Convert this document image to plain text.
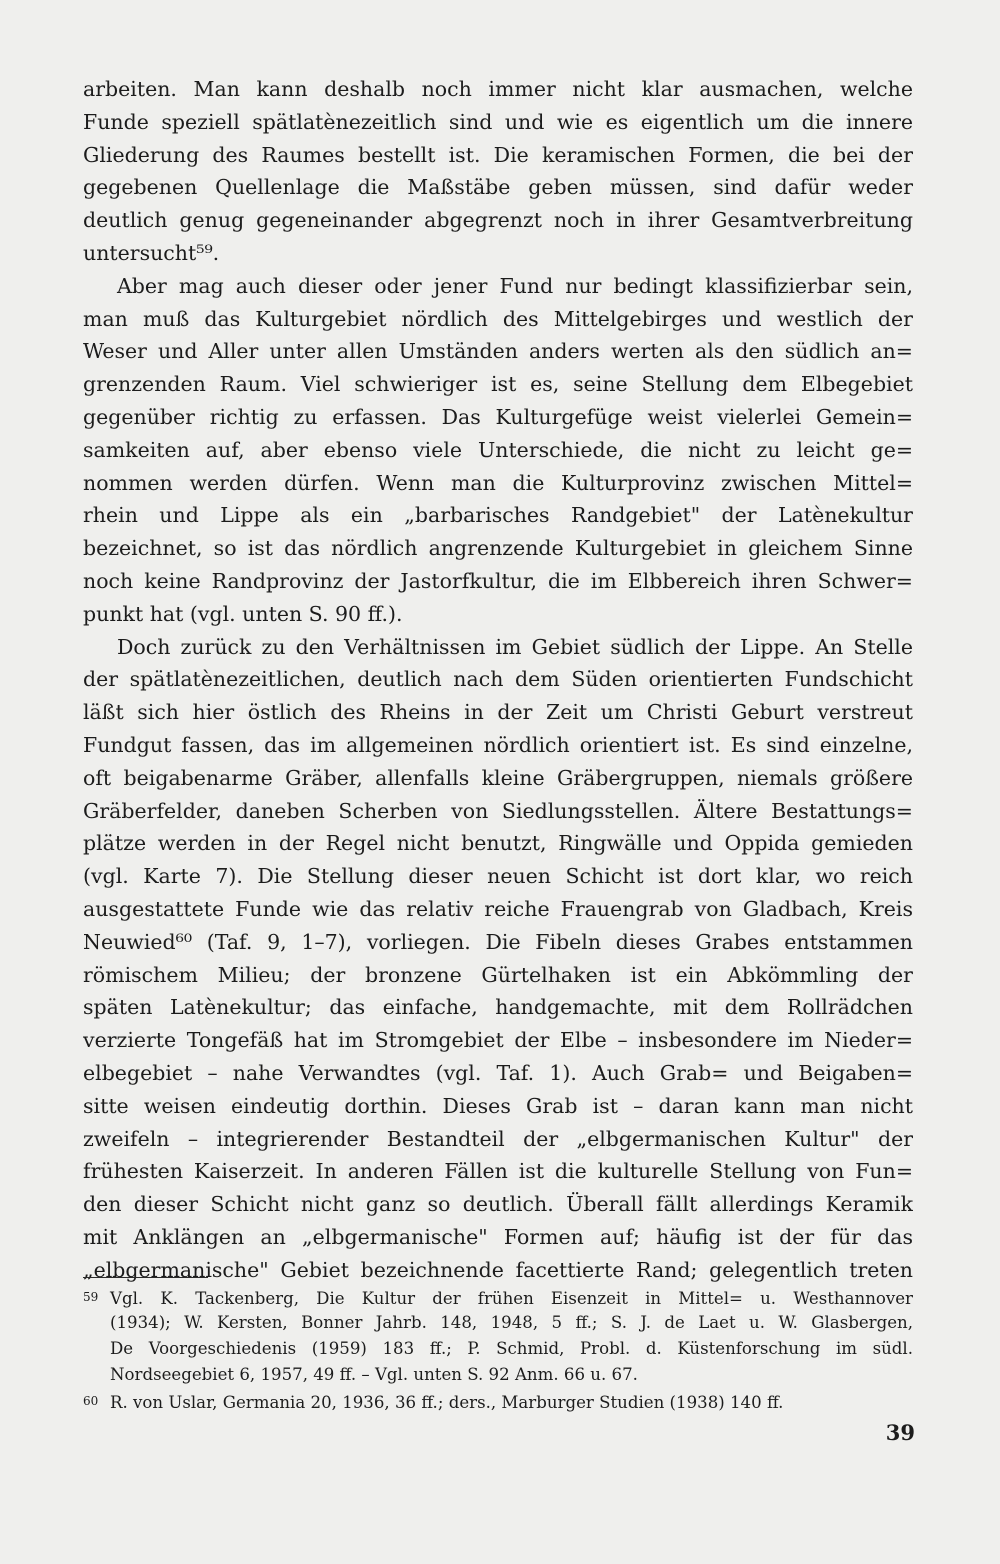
arbeiten. Man kann deshalb noch immer nicht klar ausmachen, welche
Funde speziell spätlatènezeitlich sind und wie es eigentlich um die innere
Gliederung des Raumes bestellt ist. Die keramischen Formen, die bei der
gegebenen Quellenlage die Maßstäbe geben müssen, sind dafür weder
deutlich genug gegeneinander abgegrenzt noch in ihrer Gesamtverbreitung
untersucht⁵⁹.
Aber mag auch dieser oder jener Fund nur bedingt klassifizierbar sein,
man muß das Kulturgebiet nördlich des Mittelgebirges und westlich der
Weser und Aller unter allen Umständen anders werten als den südlich an=
grenzenden Raum. Viel schwieriger ist es, seine Stellung dem Elbegebiet
gegenüber richtig zu erfassen. Das Kulturgefüge weist vielerlei Gemein=
samkeiten auf, aber ebenso viele Unterschiede, die nicht zu leicht ge=
nommen werden dürfen. Wenn man die Kulturprovinz zwischen Mittel=
rhein und Lippe als ein „barbarisches Randgebiet" der Latènekultur
bezeichnet, so ist das nördlich angrenzende Kulturgebiet in gleichem Sinne
noch keine Randprovinz der Jastorfkultur, die im Elbbereich ihren Schwer=
punkt hat (vgl. unten S. 90 ff.).
Doch zurück zu den Verhältnissen im Gebiet südlich der Lippe. An Stelle
der spätlatènezeitlichen, deutlich nach dem Süden orientierten Fundschicht
läßt sich hier östlich des Rheins in der Zeit um Christi Geburt verstreut
Fundgut fassen, das im allgemeinen nördlich orientiert ist. Es sind einzelne,
oft beigabenarme Gräber, allenfalls kleine Gräbergruppen, niemals größere
Gräberfelder, daneben Scherben von Siedlungsstellen. Ältere Bestattungs=
plätze werden in der Regel nicht benutzt, Ringwälle und Oppida gemieden
(vgl. Karte 7). Die Stellung dieser neuen Schicht ist dort klar, wo reich
ausgestattete Funde wie das relativ reiche Frauengrab von Gladbach, Kreis
Neuwied⁶⁰ (Taf. 9, 1–7), vorliegen. Die Fibeln dieses Grabes entstammen
römischem Milieu; der bronzene Gürtelhaken ist ein Abkömmling der
späten Latènekultur; das einfache, handgemachte, mit dem Rollrädchen
verzierte Tongefäß hat im Stromgebiet der Elbe – insbesondere im Nieder=
elbegebiet – nahe Verwandtes (vgl. Taf. 1). Auch Grab= und Beigaben=
sitte weisen eindeutig dorthin. Dieses Grab ist – daran kann man nicht
zweifeln – integrierender Bestandteil der „elbgermanischen Kultur" der
frühesten Kaiserzeit. In anderen Fällen ist die kulturelle Stellung von Fun=
den dieser Schicht nicht ganz so deutlich. Überall fällt allerdings Keramik
mit Anklängen an „elbgermanische" Formen auf; häufig ist der für das
„elbgermanische" Gebiet bezeichnende facettierte Rand; gelegentlich treten
59 Vgl. K. Tackenberg, Die Kultur der frühen Eisenzeit in Mittel= u. Westhannover
(1934); W. Kersten, Bonner Jahrb. 148, 1948, 5 ff.; S. J. de Laet u. W. Glasbergen,
De Voorgeschiedenis (1959) 183 ff.; P. Schmid, Probl. d. Küstenforschung im südl.
Nordseegebiet 6, 1957, 49 ff. – Vgl. unten S. 92 Anm. 66 u. 67.
60 R. von Uslar, Germania 20, 1936, 36 ff.; ders., Marburger Studien (1938) 140 ff.
39
